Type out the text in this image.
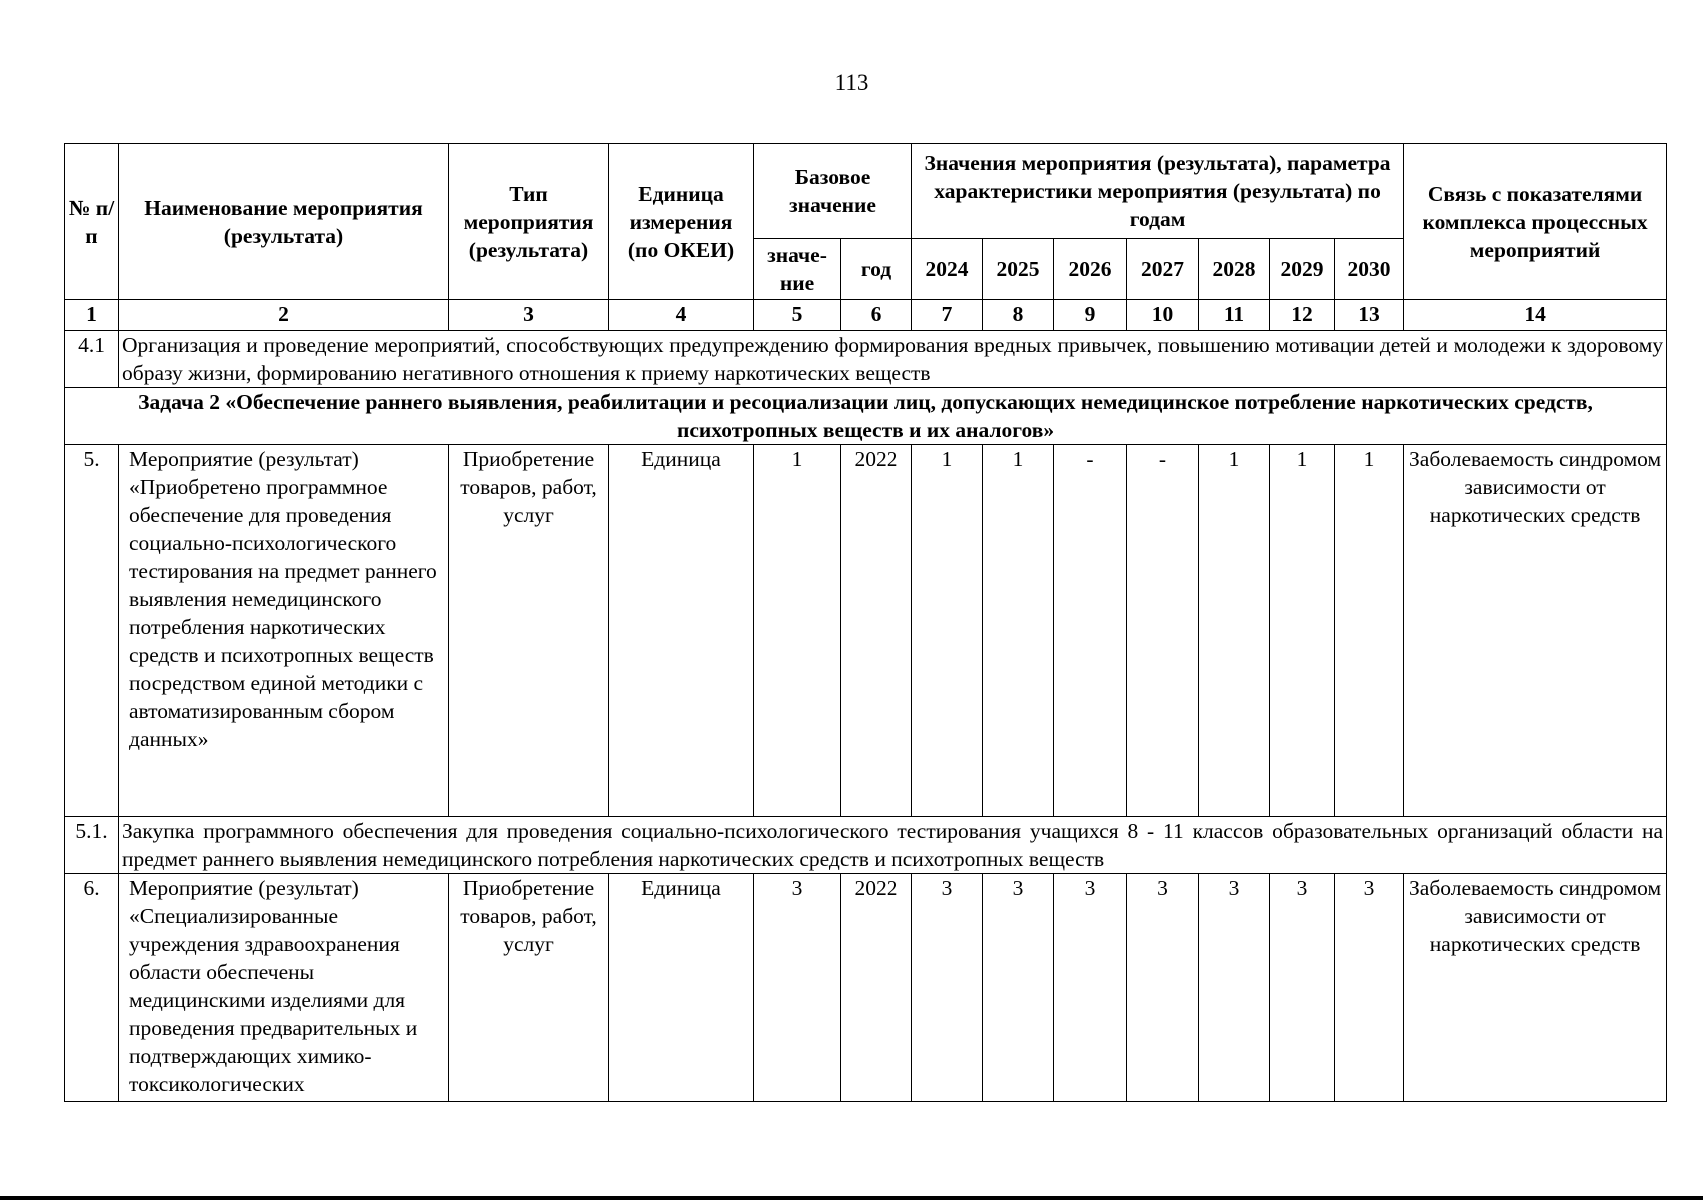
113
№ п/п	Наименование мероприятия (результата)	Тип мероприятия (результата)	Единица измерения (по ОКЕИ)	Базовое значение		Значения мероприятия (результата), параметра характеристики мероприятия (результата) по годам							Связь с показателями комплекса процессных мероприятий
				значе-ние	год	2024	2025	2026	2027	2028	2029	2030	
1	2	3	4	5	6	7	8	9	10	11	12	13	14
4.1	Организация и проведение мероприятий, способствующих предупреждению формирования вредных привычек, повышению мотивации детей и молодежи к здоровому образу жизни, формированию негативного отношения к приему наркотических веществ												
Задача 2 «Обеспечение раннего выявления, реабилитации и ресоциализации лиц, допускающих немедицинское потребление наркотических средств, психотропных веществ и их аналогов»													
5.	Мероприятие (результат) «Приобретено программное обеспечение для проведения социально-психологического тестирования на предмет раннего выявления немедицинского потребления наркотических средств и психотропных веществ посредством единой методики с автоматизированным сбором данных»	Приобретение товаров, работ, услуг	Единица	1	2022	1	1	-	-	1	1	1	Заболеваемость синдромом зависимости от наркотических средств
5.1.	Закупка программного обеспечения для проведения социально-психологического тестирования учащихся 8 - 11 классов образовательных организаций области на предмет раннего выявления немедицинского потребления наркотических средств и психотропных веществ												
6.	Мероприятие (результат) «Специализированные учреждения здравоохранения области обеспечены медицинскими изделиями для проведения предварительных и подтверждающих химико-токсикологических	Приобретение товаров, работ, услуг	Единица	3	2022	3	3	3	3	3	3	3	Заболеваемость синдромом зависимости от наркотических средств
